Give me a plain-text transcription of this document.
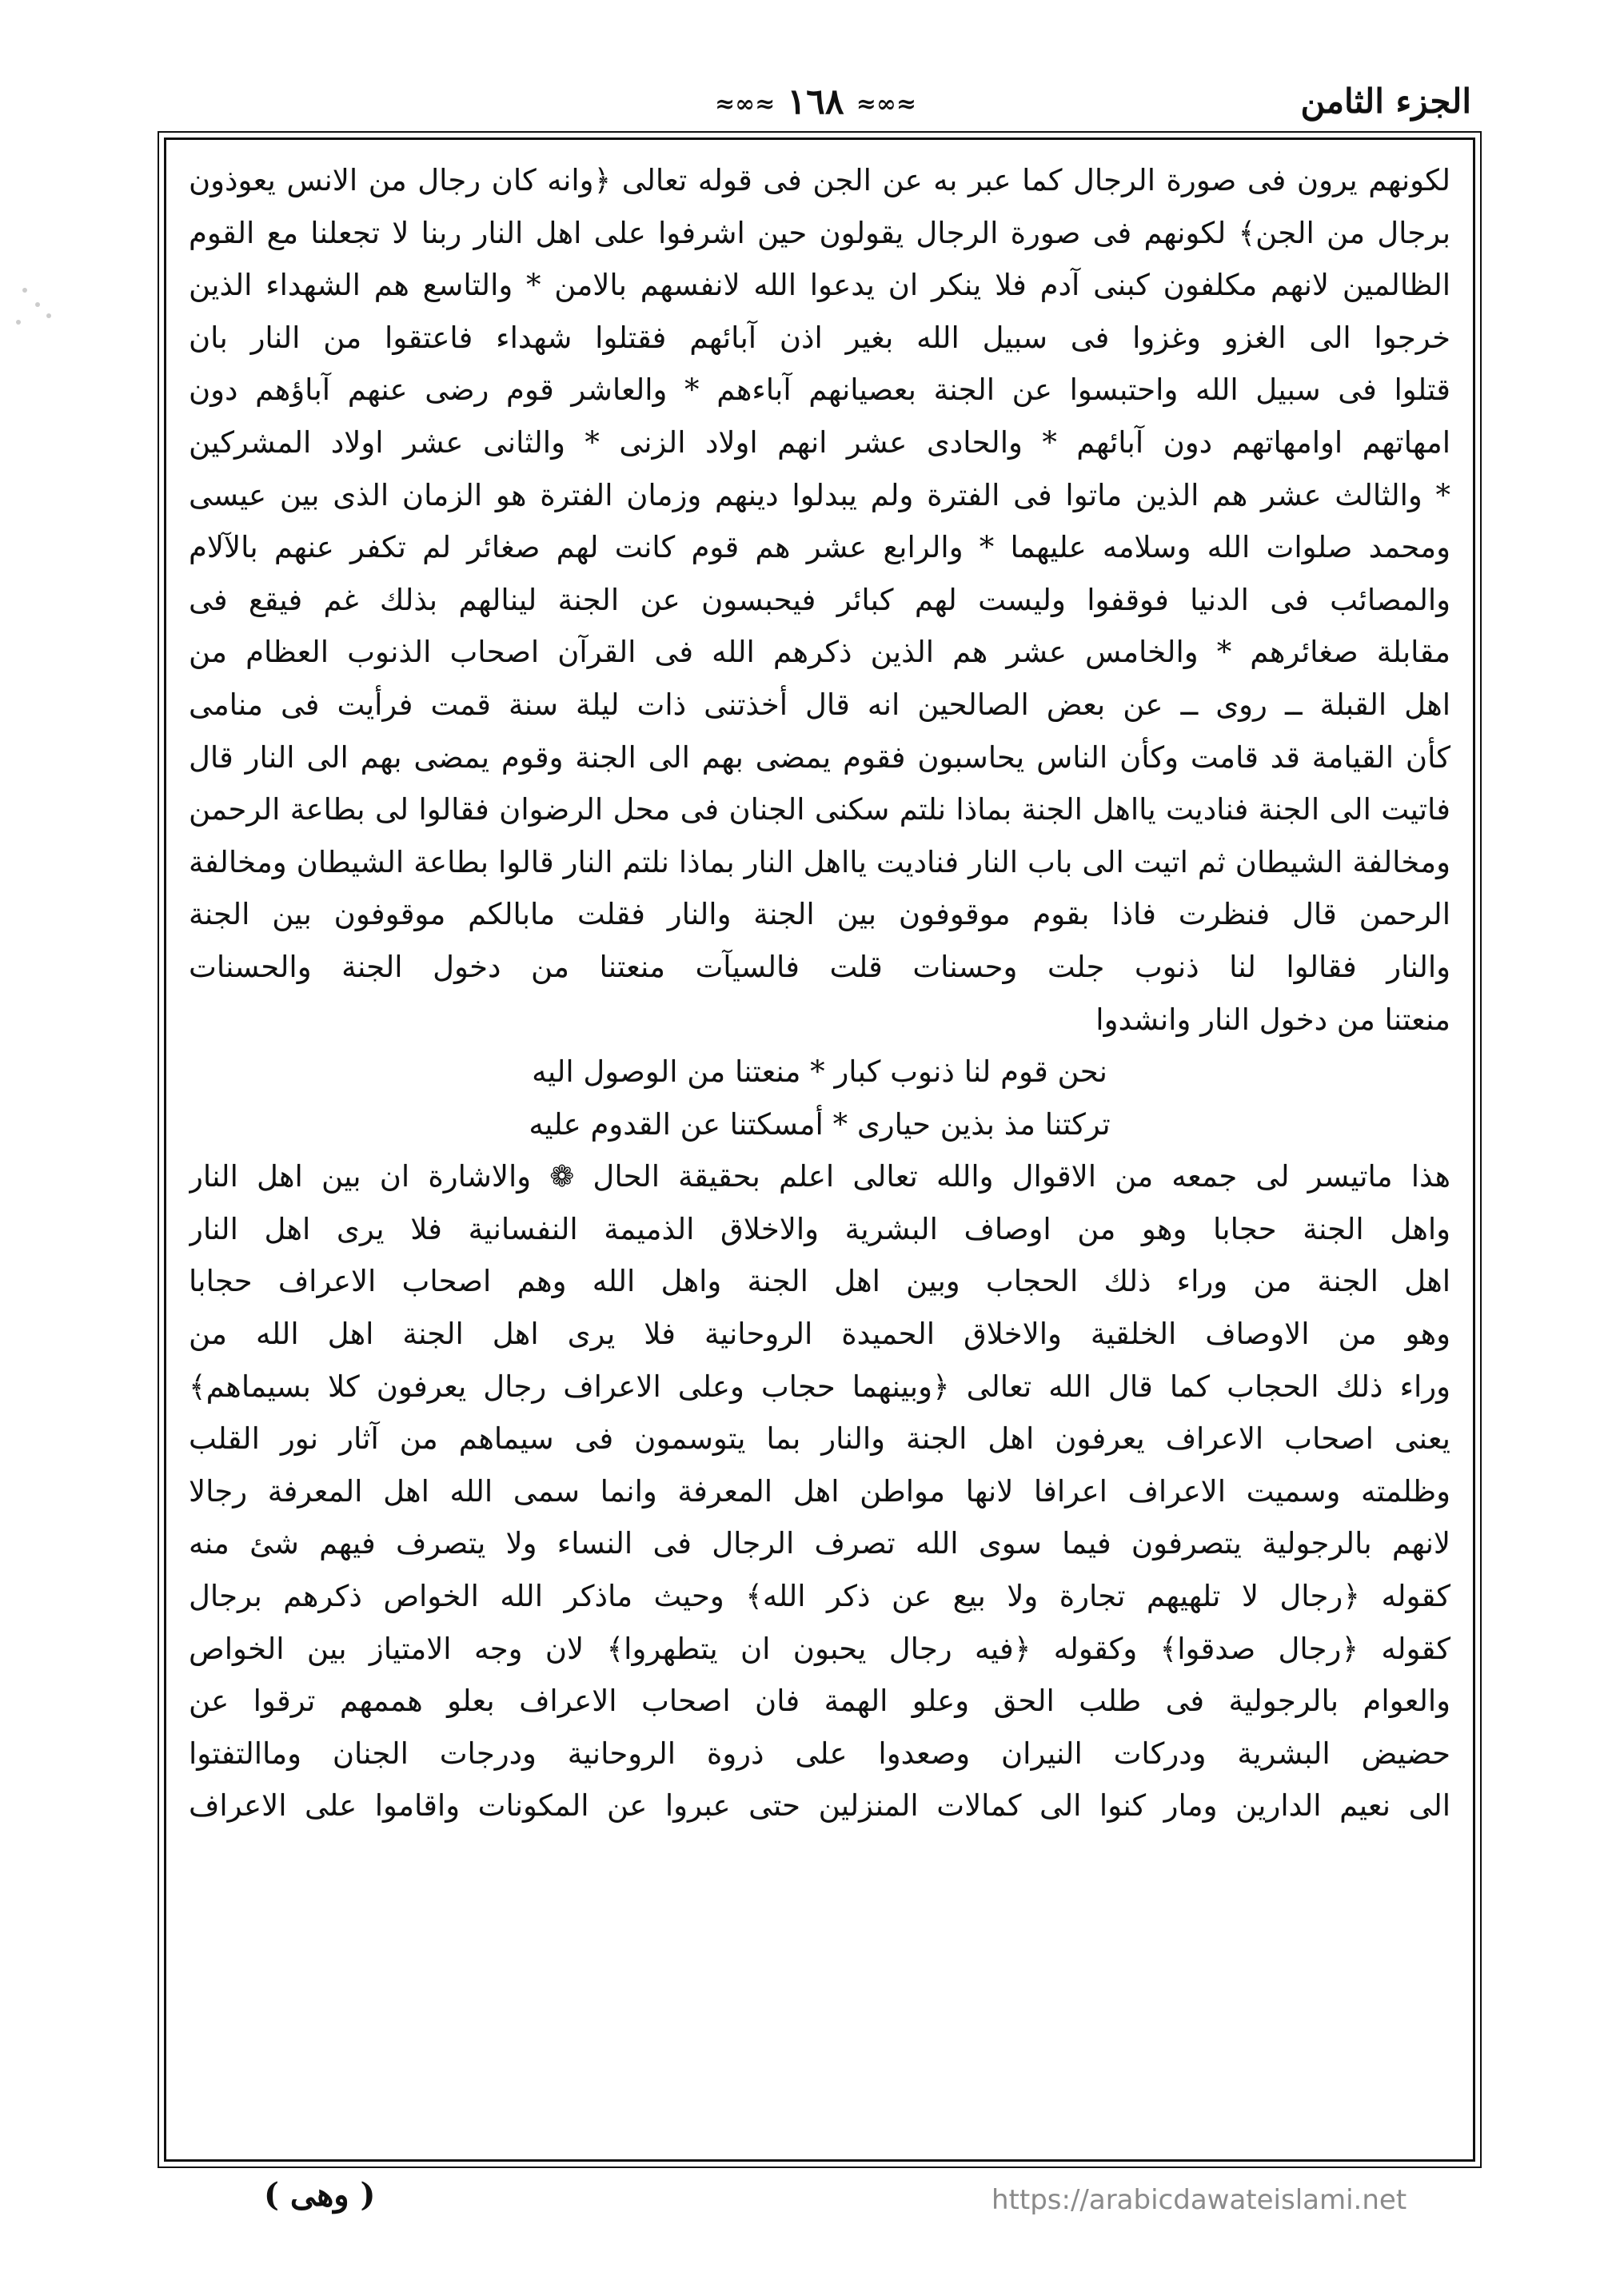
الجزء الثامن
≈∞≈ ١٦٨ ≈∞≈
لكونهم يرون فى صورة الرجال كما عبر به عن الجن فى قوله تعالى ﴿وانه كان رجال من الانس يعوذون
برجال من الجن﴾ لكونهم فى صورة الرجال يقولون حين اشرفوا على اهل النار ربنا لا تجعلنا مع القوم
الظالمين لانهم مكلفون كبنى آدم فلا ينكر ان يدعوا الله لانفسهم بالامن * والتاسع هم الشهداء الذين
خرجوا الى الغزو وغزوا فى سبيل الله بغير اذن آبائهم فقتلوا شهداء فاعتقوا من النار بان
قتلوا فى سبيل الله واحتبسوا عن الجنة بعصيانهم آباءهم * والعاشر قوم رضى عنهم آباؤهم دون
امهاتهم اوامهاتهم دون آبائهم * والحادى عشر انهم اولاد الزنى * والثانى عشر اولاد المشركين
* والثالث عشر هم الذين ماتوا فى الفترة ولم يبدلوا دينهم وزمان الفترة هو الزمان الذى بين عيسى
ومحمد صلوات الله وسلامه عليهما * والرابع عشر هم قوم كانت لهم صغائر لم تكفر عنهم بالآلام
والمصائب فى الدنيا فوقفوا وليست لهم كبائر فيحبسون عن الجنة لينالهم بذلك غم فيقع فى
مقابلة صغائرهم * والخامس عشر هم الذين ذكرهم الله فى القرآن اصحاب الذنوب العظام من
اهل القبلة ــ روى ــ عن بعض الصالحين انه قال أخذتنى ذات ليلة سنة قمت فرأيت فى منامى
كأن القيامة قد قامت وكأن الناس يحاسبون فقوم يمضى بهم الى الجنة وقوم يمضى بهم الى النار قال
فاتيت الى الجنة فناديت يااهل الجنة بماذا نلتم سكنى الجنان فى محل الرضوان فقالوا لى بطاعة الرحمن
ومخالفة الشيطان ثم اتيت الى باب النار فناديت يااهل النار بماذا نلتم النار قالوا بطاعة الشيطان ومخالفة
الرحمن قال فنظرت فاذا بقوم موقوفون بين الجنة والنار فقلت مابالكم موقوفون بين الجنة
والنار فقالوا لنا ذنوب جلت وحسنات قلت فالسيآت منعتنا من دخول الجنة والحسنات
منعتنا من دخول النار وانشدوا
نحن قوم لنا ذنوب كبار * منعتنا من الوصول اليه
تركتنا مذ بذين حيارى * أمسكتنا عن القدوم عليه
هذا ماتيسر لى جمعه من الاقوال والله تعالى اعلم بحقيقة الحال ❁ والاشارة ان بين اهل النار
واهل الجنة حجابا وهو من اوصاف البشرية والاخلاق الذميمة النفسانية فلا يرى اهل النار
اهل الجنة من وراء ذلك الحجاب وبين اهل الجنة واهل الله وهم اصحاب الاعراف حجابا
وهو من الاوصاف الخلقية والاخلاق الحميدة الروحانية فلا يرى اهل الجنة اهل الله من
وراء ذلك الحجاب كما قال الله تعالى ﴿وبينهما حجاب وعلى الاعراف رجال يعرفون كلا بسيماهم﴾
يعنى اصحاب الاعراف يعرفون اهل الجنة والنار بما يتوسمون فى سيماهم من آثار نور القلب
وظلمته وسميت الاعراف اعرافا لانها مواطن اهل المعرفة وانما سمى الله اهل المعرفة رجالا
لانهم بالرجولية يتصرفون فيما سوى الله تصرف الرجال فى النساء ولا يتصرف فيهم شئ منه
كقوله ﴿رجال لا تلهيهم تجارة ولا بيع عن ذكر الله﴾ وحيث ماذكر الله الخواص ذكرهم برجال
كقوله ﴿رجال صدقوا﴾ وكقوله ﴿فيه رجال يحبون ان يتطهروا﴾ لان وجه الامتياز بين الخواص
والعوام بالرجولية فى طلب الحق وعلو الهمة فان اصحاب الاعراف بعلو هممهم ترقوا عن
حضيض البشرية ودركات النيران وصعدوا على ذروة الروحانية ودرجات الجنان وماالتفتوا
الى نعيم الدارين ومار كنوا الى كمالات المنزلين حتى عبروا عن المكونات واقاموا على الاعراف
( وهى )	https://arabicdawateislami.net
